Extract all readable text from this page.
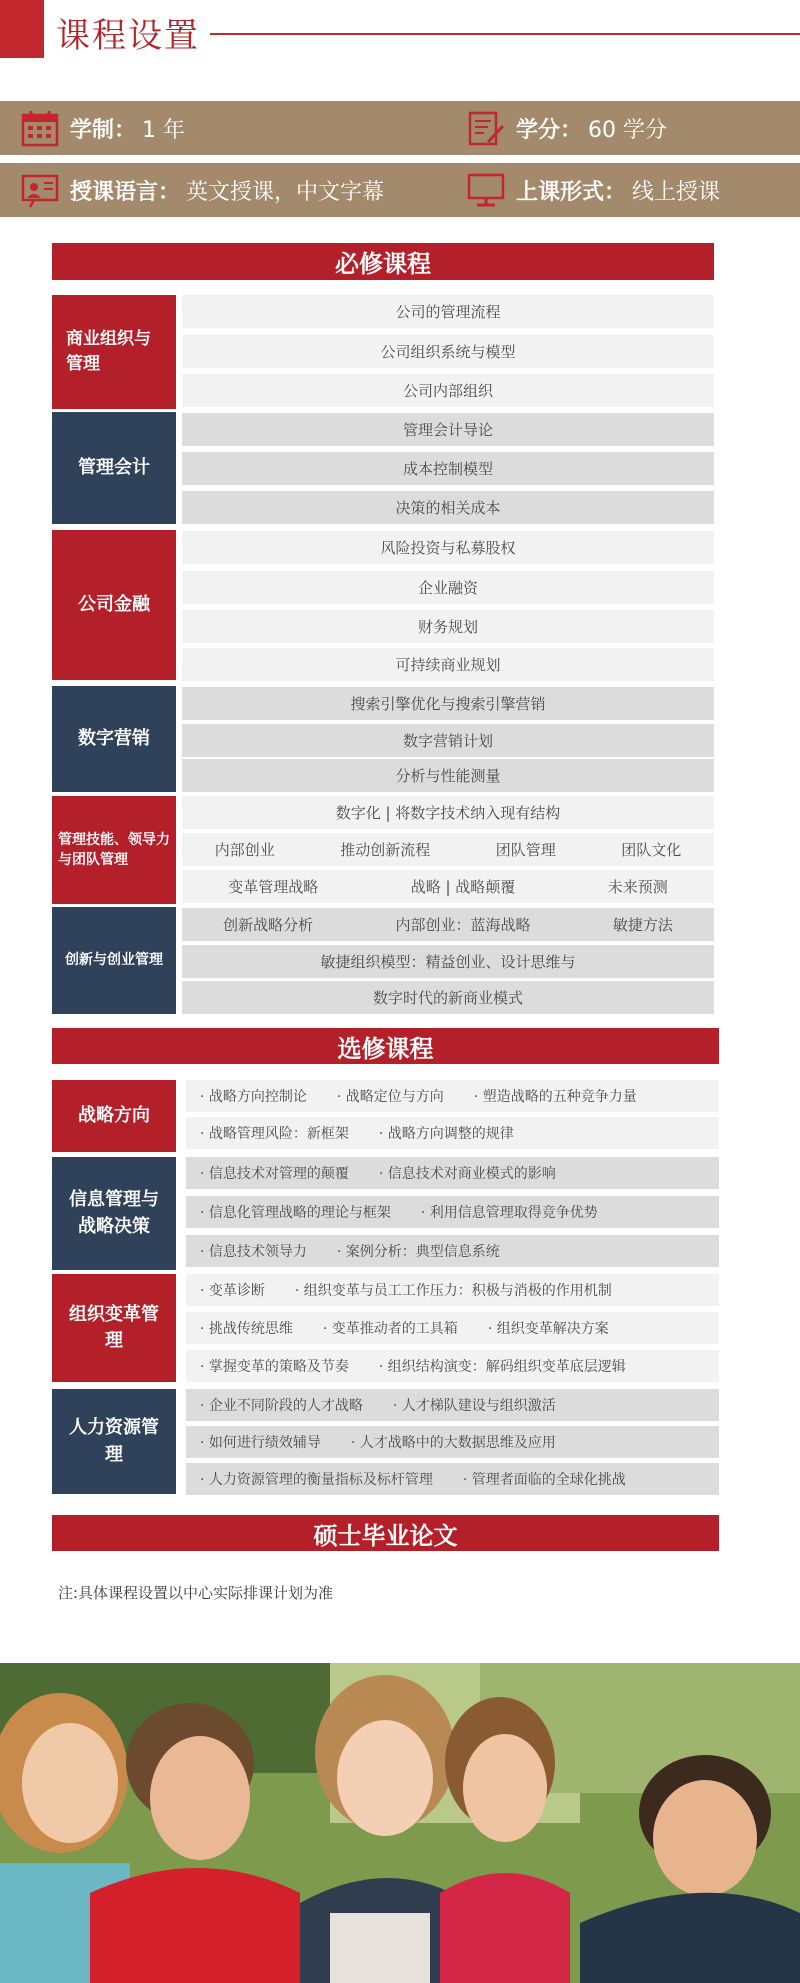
课程设置
学制： 1 年	学分： 60 学分
授课语言： 英文授课，中文字幕	上课形式： 线上授课
必修课程
商业组织与管理
公司的管理流程
公司组织系统与模型
公司内部组织
管理会计
管理会计导论
成本控制模型
决策的相关成本
公司金融
风险投资与私募股权
企业融资
财务规划
可持续商业规划
数字营销
搜索引擎优化与搜索引擎营销
数字营销计划
分析与性能测量
管理技能、领导力与团队管理
数字化 | 将数字技术纳入现有结构
内部创业	推动创新流程	团队管理	团队文化
变革管理战略	战略 | 战略颠覆	未来预测
创新与创业管理
创新战略分析	内部创业：蓝海战略	敏捷方法
敏捷组织模型：精益创业、设计思维与
数字时代的新商业模式
选修课程
战略方向
· 战略方向控制论 · 战略定位与方向 · 塑造战略的五种竞争力量
· 战略管理风险：新框架 · 战略方向调整的规律
信息管理与战略决策
· 信息技术对管理的颠覆 · 信息技术对商业模式的影响
· 信息化管理战略的理论与框架 · 利用信息管理取得竞争优势
· 信息技术领导力 · 案例分析：典型信息系统
组织变革管理
· 变革诊断 · 组织变革与员工工作压力：积极与消极的作用机制
· 挑战传统思维 · 变革推动者的工具箱 · 组织变革解决方案
· 掌握变革的策略及节奏 · 组织结构演变：解码组织变革底层逻辑
人力资源管理
· 企业不同阶段的人才战略 · 人才梯队建设与组织激活
· 如何进行绩效辅导 · 人才战略中的大数据思维及应用
· 人力资源管理的衡量指标及标杆管理 · 管理者面临的全球化挑战
硕士毕业论文
注:具体课程设置以中心实际排课计划为准
